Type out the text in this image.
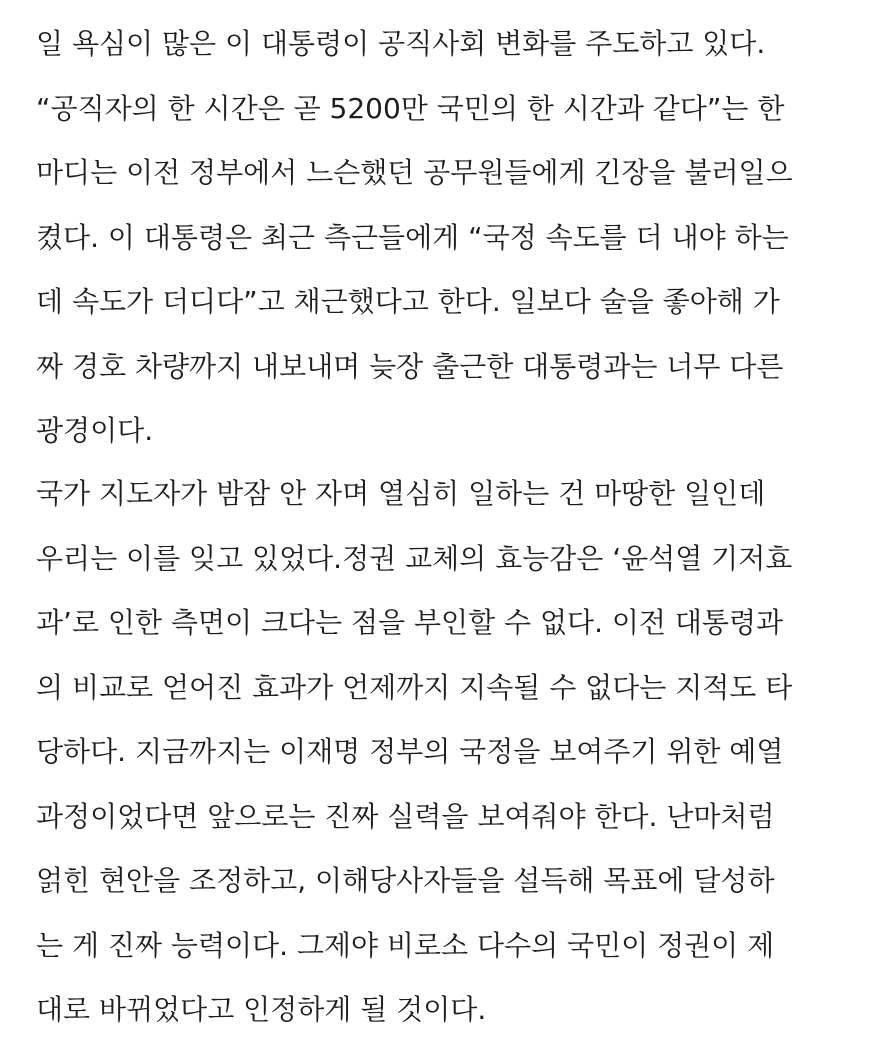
일 욕심이 많은 이 대통령이 공직사회 변화를 주도하고 있다.
“공직자의 한 시간은 곧 5200만 국민의 한 시간과 같다”는 한
마디는 이전 정부에서 느슨했던 공무원들에게 긴장을 불러일으
켰다. 이 대통령은 최근 측근들에게 “국정 속도를 더 내야 하는
데 속도가 더디다”고 채근했다고 한다. 일보다 술을 좋아해 가
짜 경호 차량까지 내보내며 늦장 출근한 대통령과는 너무 다른
광경이다.
국가 지도자가 밤잠 안 자며 열심히 일하는 건 마땅한 일인데
우리는 이를 잊고 있었다.정권 교체의 효능감은 ‘윤석열 기저효
과’로 인한 측면이 크다는 점을 부인할 수 없다. 이전 대통령과
의 비교로 얻어진 효과가 언제까지 지속될 수 없다는 지적도 타
당하다. 지금까지는 이재명 정부의 국정을 보여주기 위한 예열
과정이었다면 앞으로는 진짜 실력을 보여줘야 한다. 난마처럼
얽힌 현안을 조정하고, 이해당사자들을 설득해 목표에 달성하
는 게 진짜 능력이다. 그제야 비로소 다수의 국민이 정권이 제
대로 바뀌었다고 인정하게 될 것이다.
